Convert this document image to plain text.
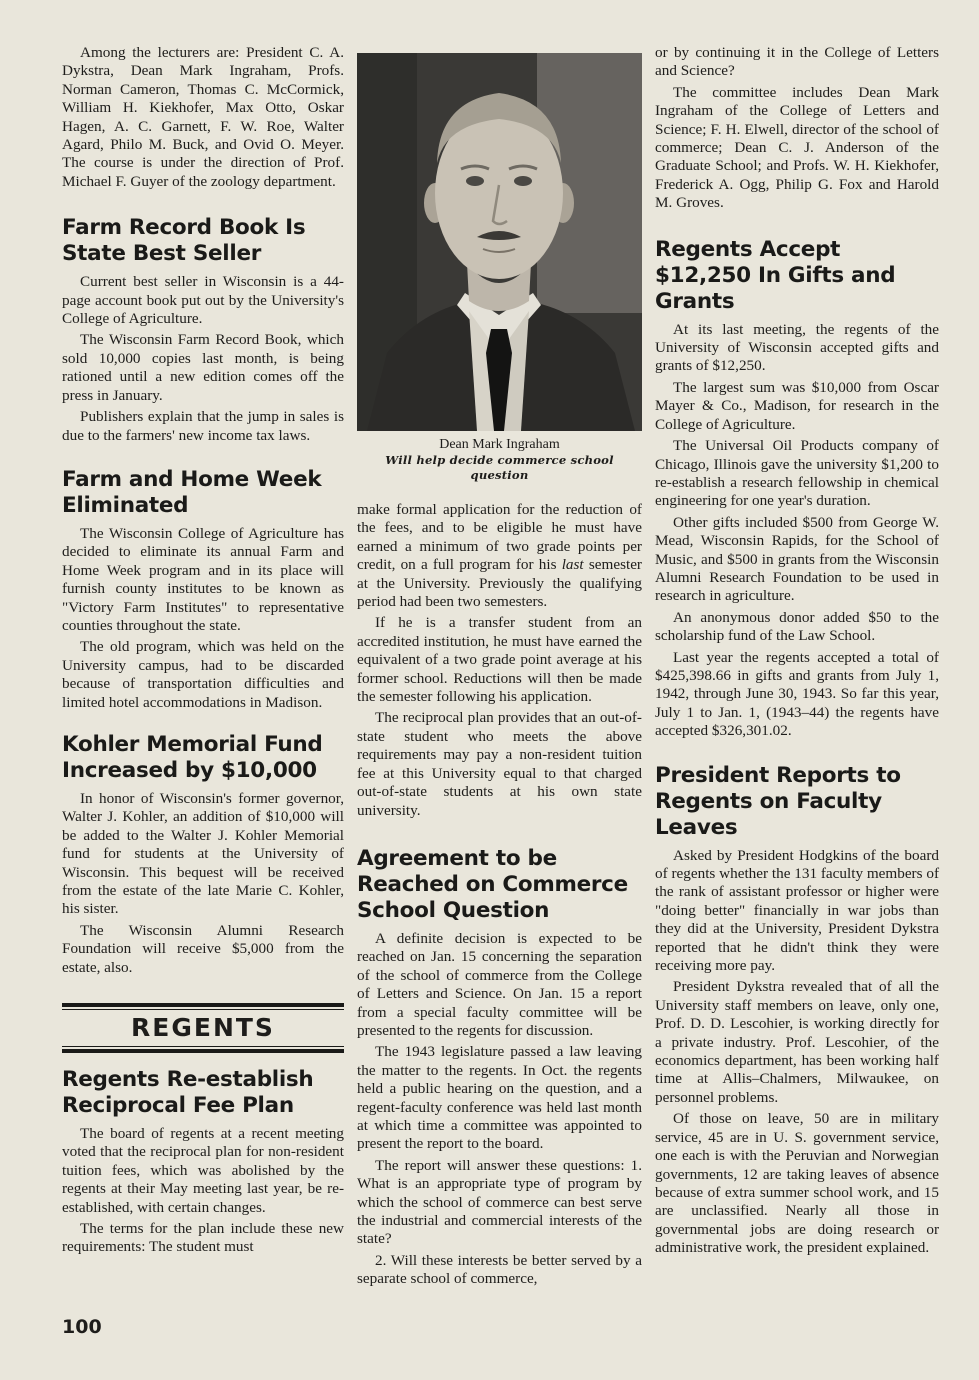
Among the lecturers are: President C. A. Dykstra, Dean Mark Ingraham, Profs. Norman Cameron, Thomas C. McCormick, William H. Kiekhofer, Max Otto, Oskar Hagen, A. C. Garnett, F. W. Roe, Walter Agard, Philo M. Buck, and Ovid O. Meyer. The course is under the direction of Prof. Michael F. Guyer of the zoology department.

Farm Record Book Is State Best Seller

Current best seller in Wisconsin is a 44-page account book put out by the University's College of Agriculture.

The Wisconsin Farm Record Book, which sold 10,000 copies last month, is being rationed until a new edition comes off the press in January.

Publishers explain that the jump in sales is due to the farmers' new income tax laws.

Farm and Home Week Eliminated

The Wisconsin College of Agriculture has decided to eliminate its annual Farm and Home Week program and in its place will furnish county institutes to be known as "Victory Farm Institutes" to representative counties throughout the state.

The old program, which was held on the University campus, had to be discarded because of transportation difficulties and limited hotel accommodations in Madison.

Kohler Memorial Fund Increased by $10,000

In honor of Wisconsin's former governor, Walter J. Kohler, an addition of $10,000 will be added to the Walter J. Kohler Memorial fund for students at the University of Wisconsin. This bequest will be received from the estate of the late Marie C. Kohler, his sister.

The Wisconsin Alumni Research Foundation will receive $5,000 from the estate, also.

REGENTS
Regents Re-establish Reciprocal Fee Plan

The board of regents at a recent meeting voted that the reciprocal plan for non-resident tuition fees, which was abolished by the regents at their May meeting last year, be re-established, with certain changes.

The terms for the plan include these new requirements: The student must

Dean Mark Ingraham
Will help decide commerce school question

make formal application for the reduction of the fees, and to be eligible he must have earned a minimum of two grade points per credit, on a full program for his last semester at the University. Previously the qualifying period had been two semesters.

If he is a transfer student from an accredited institution, he must have earned the equivalent of a two grade point average at his former school. Reductions will then be made the semester following his application.

The reciprocal plan provides that an out-of-state student who meets the above requirements may pay a non-resident tuition fee at this University equal to that charged out-of-state students at his own state university.

Agreement to be Reached on Commerce School Question

A definite decision is expected to be reached on Jan. 15 concerning the separation of the school of commerce from the College of Letters and Science. On Jan. 15 a report from a special faculty committee will be presented to the regents for discussion.

The 1943 legislature passed a law leaving the matter to the regents. In Oct. the regents held a public hearing on the question, and a regent-faculty conference was held last month at which time a committee was appointed to present the report to the board.

The report will answer these questions: 1. What is an appropriate type of program by which the school of commerce can best serve the industrial and commercial interests of the state?

2. Will these interests be better served by a separate school of commerce,

or by continuing it in the College of Letters and Science?

The committee includes Dean Mark Ingraham of the College of Letters and Science; F. H. Elwell, director of the school of commerce; Dean C. J. Anderson of the Graduate School; and Profs. W. H. Kiekhofer, Frederick A. Ogg, Philip G. Fox and Harold M. Groves.

Regents Accept $12,250 In Gifts and Grants

At its last meeting, the regents of the University of Wisconsin accepted gifts and grants of $12,250.

The largest sum was $10,000 from Oscar Mayer & Co., Madison, for research in the College of Agriculture.

The Universal Oil Products company of Chicago, Illinois gave the university $1,200 to re-establish a research fellowship in chemical engineering for one year's duration.

Other gifts included $500 from George W. Mead, Wisconsin Rapids, for the School of Music, and $500 in grants from the Wisconsin Alumni Research Foundation to be used in research in agriculture.

An anonymous donor added $50 to the scholarship fund of the Law School.

Last year the regents accepted a total of $425,398.66 in gifts and grants from July 1, 1942, through June 30, 1943. So far this year, July 1 to Jan. 1, (1943–44) the regents have accepted $326,301.02.

President Reports to Regents on Faculty Leaves

Asked by President Hodgkins of the board of regents whether the 131 faculty members of the rank of assistant professor or higher were "doing better" financially in war jobs than they did at the University, President Dykstra reported that he didn't think they were receiving more pay.

President Dykstra revealed that of all the University staff members on leave, only one, Prof. D. D. Lescohier, is working directly for a private industry. Prof. Lescohier, of the economics department, has been working half time at Allis–Chalmers, Milwaukee, on personnel problems.

Of those on leave, 50 are in military service, 45 are in U. S. government service, one each is with the Peruvian and Norwegian governments, 12 are taking leaves of absence because of extra summer school work, and 15 are unclassified. Nearly all those in governmental jobs are doing research or administrative work, the president explained.

100
